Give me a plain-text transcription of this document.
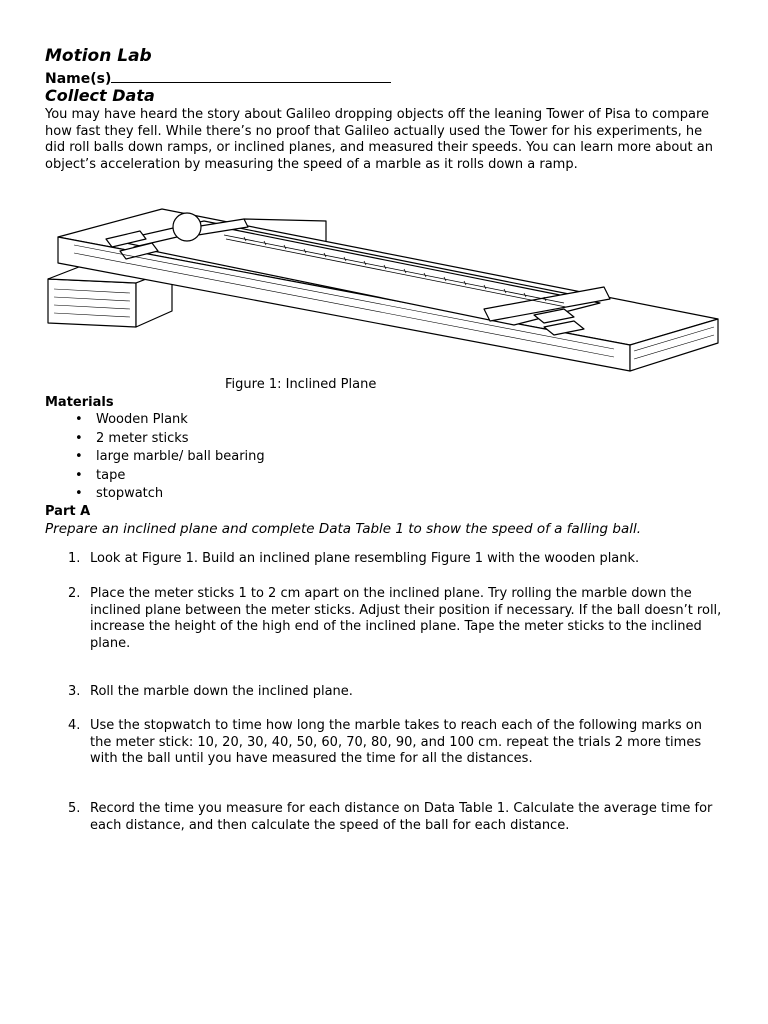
Motion Lab
Name(s)
Collect Data
You may have heard the story about Galileo dropping objects off the leaning Tower of Pisa to compare how fast they fell. While there’s no proof that Galileo actually used the Tower for his experiments, he did roll balls down ramps, or inclined planes, and measured their speeds. You can learn more about an object’s acceleration by measuring the speed of a marble as it rolls down a ramp.
Figure 1: Inclined Plane
Materials
• Wooden Plank
• 2 meter sticks
• large marble/ ball bearing
• tape
• stopwatch
Part A
Prepare an inclined plane and complete Data Table 1 to show the speed of a falling ball.
1. Look at Figure 1. Build an inclined plane resembling Figure 1 with the wooden plank.
2. Place the meter sticks 1 to 2 cm apart on the inclined plane. Try rolling the marble down the inclined plane between the meter sticks. Adjust their position if necessary. If the ball doesn’t roll, increase the height of the high end of the inclined plane. Tape the meter sticks to the inclined plane.
3. Roll the marble down the inclined plane.
4. Use the stopwatch to time how long the marble takes to reach each of the following marks on the meter stick: 10, 20, 30, 40, 50, 60, 70, 80, 90, and 100 cm. repeat the trials 2 more times with the ball until you have measured the time for all the distances.
5. Record the time you measure for each distance on Data Table 1. Calculate the average time for each distance, and then calculate the speed of the ball for each distance.
